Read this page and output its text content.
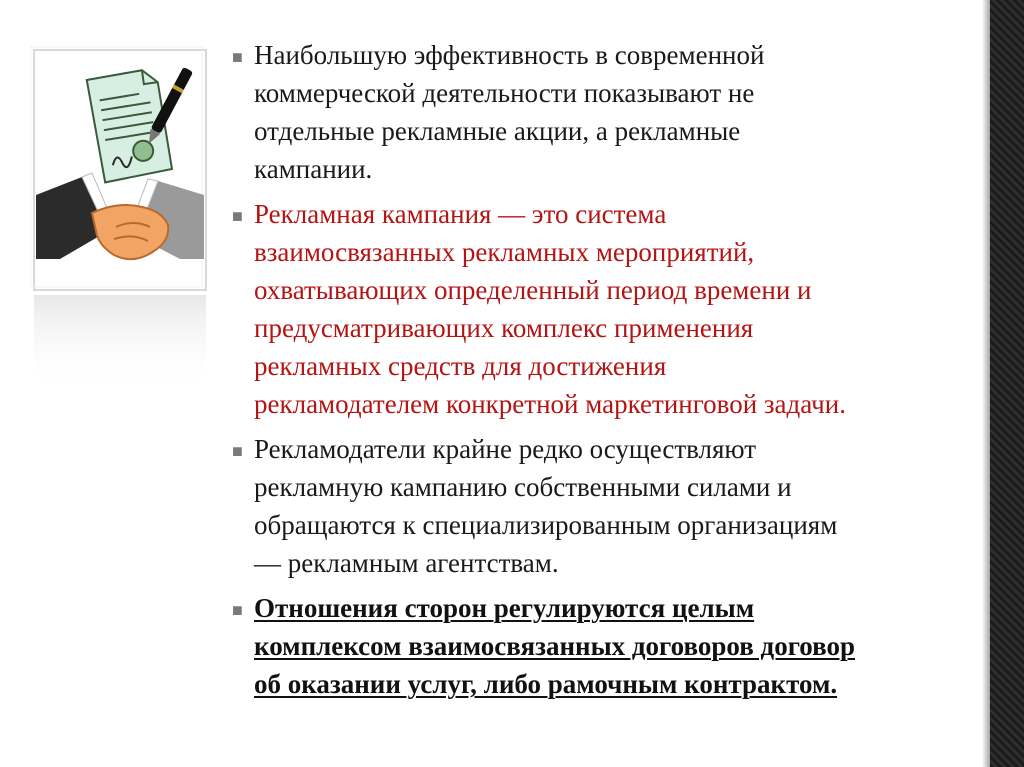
■ Наибольшую эффективность в современной
коммерческой деятельности показывают не
отдельные рекламные акции, а рекламные
кампании.
■ Рекламная кампания — это система
взаимосвязанных рекламных мероприятий,
охватывающих определенный период времени и
предусматривающих комплекс применения
рекламных средств для достижения
рекламодателем конкретной маркетинговой задачи.
■ Рекламодатели крайне редко осуществляют
рекламную кампанию собственными силами и
обращаются к специализированным организациям
— рекламным агентствам.
■ Отношения сторон регулируются целым
комплексом взаимосвязанных договоров договор
об оказании услуг, либо рамочным контрактом.
